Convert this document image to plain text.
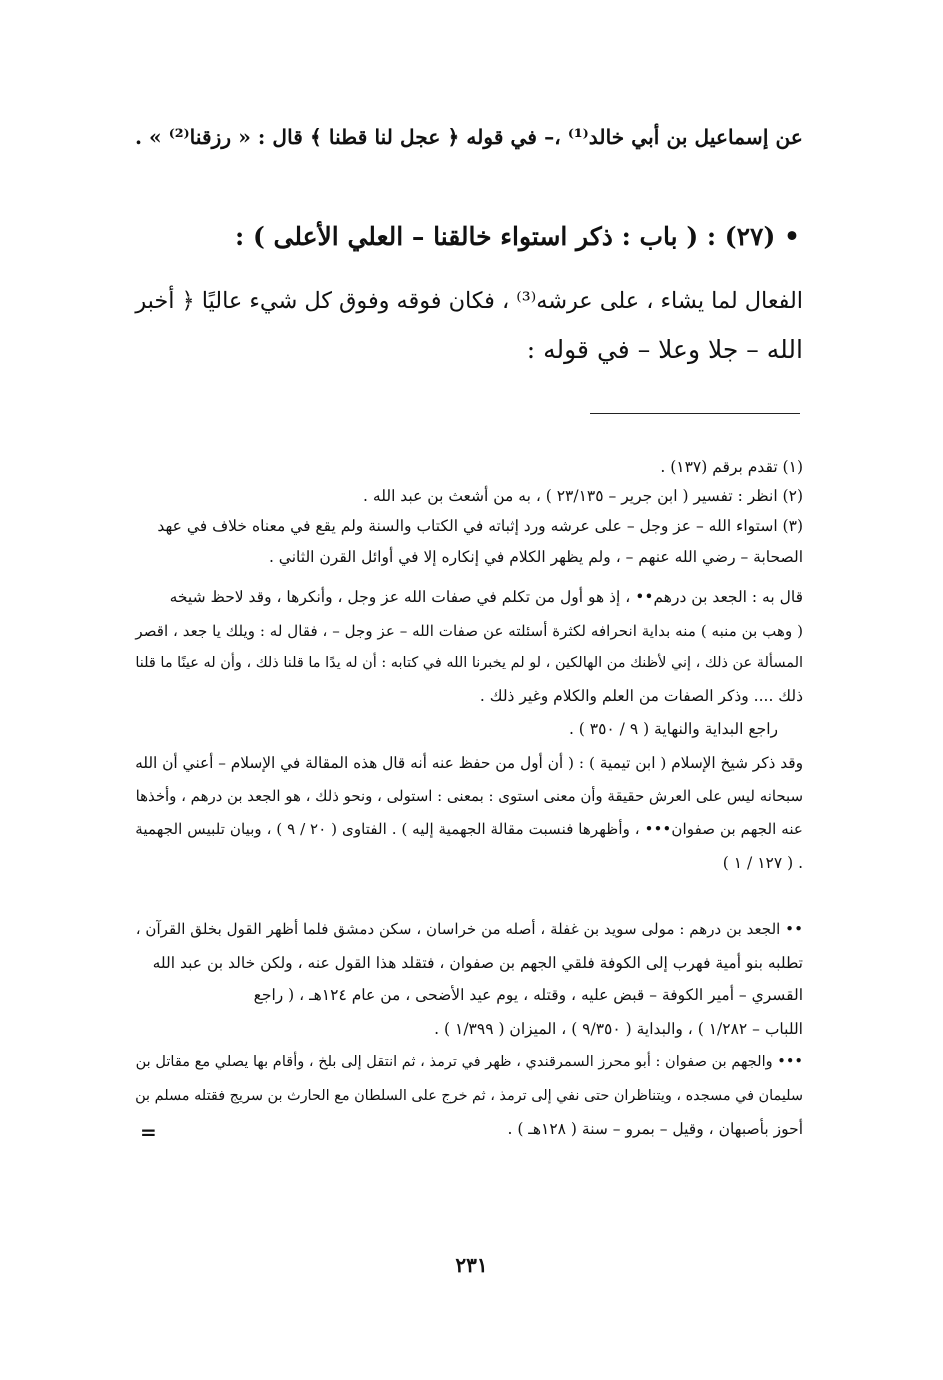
عن إسماعيل بن أبي خالد⁽¹⁾ ،– في قوله ﴿ عجل لنا قطنا ﴾ قال : « رزقنا⁽²⁾ » .
• (٢٧) : ( باب : ذكر استواء خالقنا – العلي الأعلى ) :
الفعال لما يشاء ، على عرشه⁽³⁾ ، فكان فوقه وفوق كل شيء عاليًا ﴿ أخبر
الله – جلا وعلا – في قوله :
(١) تقدم برقم (١٣٧) .
(٢) انظر : تفسير ( ابن جرير – ٢٣/١٣٥ ) ، به من أشعث بن عبد الله .
(٣) استواء الله – عز وجل – على عرشه ورد إثباته في الكتاب والسنة ولم يقع في معناه خلاف في عهد
الصحابة – رضي الله عنهم – ، ولم يظهر الكلام في إنكاره إلا في أوائل القرن الثاني .
قال به : الجعد بن درهم•• ، إذ هو أول من تكلم في صفات الله عز وجل ، وأنكرها ، وقد لاحظ شيخه
( وهب بن منبه ) منه بداية انحرافه لكثرة أسئلته عن صفات الله – عز وجل – ، فقال له : ويلك يا جعد ، اقصر
المسألة عن ذلك ، إني لأظنك من الهالكين ، لو لم يخبرنا الله في كتابه : أن له يدًا ما قلنا ذلك ، وأن له عينًا ما قلنا
ذلك .... وذكر الصفات من العلم والكلام وغير ذلك .
راجع البداية والنهاية ( ٩ / ٣٥٠ ) .
وقد ذكر شيخ الإسلام ( ابن تيمية ) : ( أن أول من حفظ عنه أنه قال هذه المقالة في الإسلام – أعني أن الله
سبحانه ليس على العرش حقيقة وأن معنى استوى : بمعنى : استولى ، ونحو ذلك ، هو الجعد بن درهم ، وأخذها
عنه الجهم بن صفوان••• ، وأظهرها فنسبت مقالة الجهمية إليه ) . الفتاوى ( ٢٠ / ٩ ) ، وبيان تلبيس الجهمية
( ١٢٧ / ١ ) .
•• الجعد بن درهم : مولى سويد بن غفلة ، أصله من خراسان ، سكن دمشق فلما أظهر القول بخلق القرآن ،
تطلبه بنو أمية فهرب إلى الكوفة فلقي الجهم بن صفوان ، فتقلد هذا القول عنه ، ولكن خالد بن عبد الله
القسري – أمير الكوفة – قبض عليه ، وقتله ، يوم عيد الأضحى ، من عام ١٢٤هـ ، ( راجع
اللباب – ١/٢٨٢ ) ، والبداية ( ٩/٣٥٠ ) ، الميزان ( ١/٣٩٩ ) .
••• والجهم بن صفوان : أبو محرز السمرقندي ، ظهر في ترمذ ، ثم انتقل إلى بلخ ، وأقام بها يصلي مع مقاتل بن
سليمان في مسجده ، ويتناظران حتى نفي إلى ترمذ ، ثم خرج على السلطان مع الحارث بن سريج فقتله مسلم بن
أحوز بأصبهان ، وقيل – بمرو – سنة ( ١٢٨هـ ) .
=
٢٣١
